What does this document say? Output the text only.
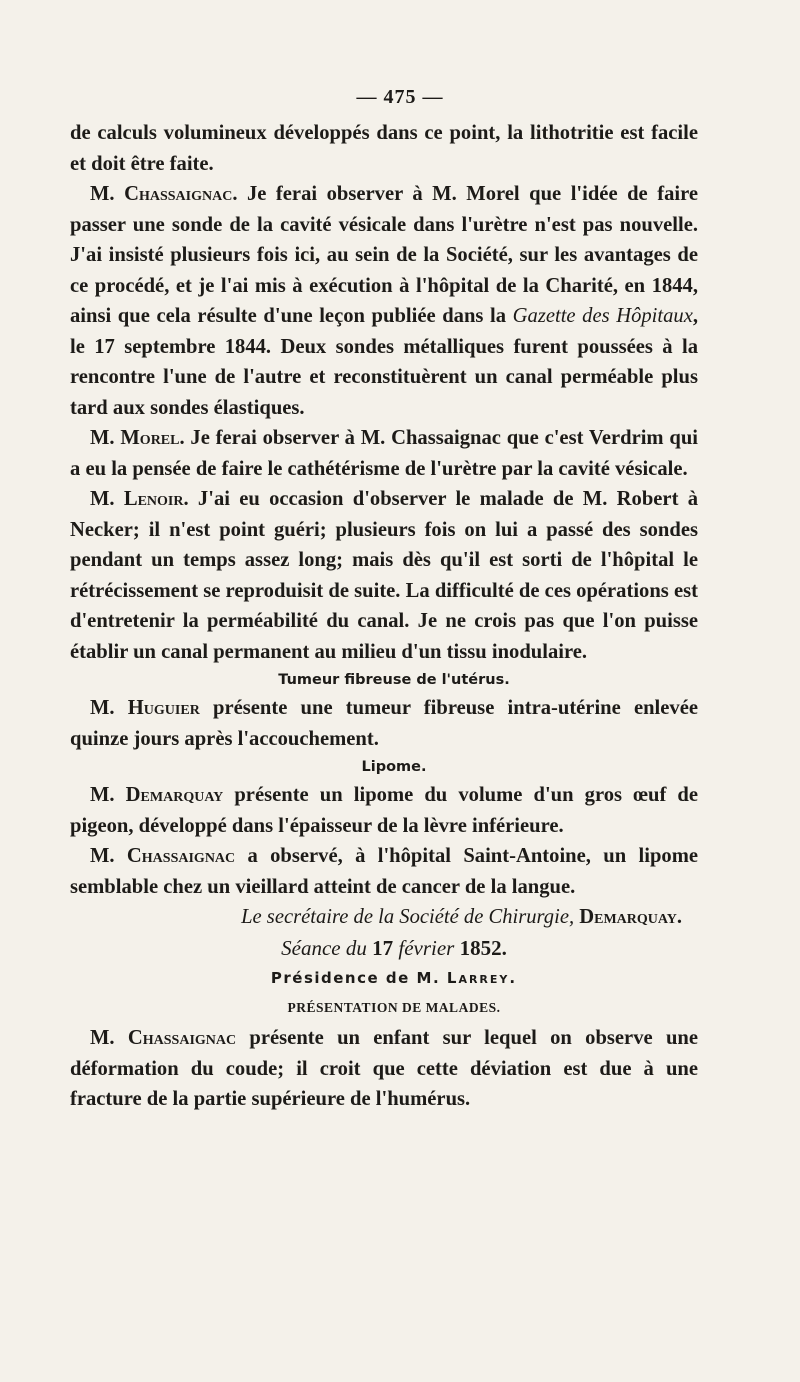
— 475 —

de calculs volumineux développés dans ce point, la lithotritie est facile et doit être faite.

M. Chassaignac. Je ferai observer à M. Morel que l'idée de faire passer une sonde de la cavité vésicale dans l'urètre n'est pas nouvelle. J'ai insisté plusieurs fois ici, au sein de la Société, sur les avantages de ce procédé, et je l'ai mis à exécution à l'hôpital de la Charité, en 1844, ainsi que cela résulte d'une leçon publiée dans la Gazette des Hôpitaux, le 17 septembre 1844. Deux sondes métalliques furent poussées à la rencontre l'une de l'autre et reconstituèrent un canal perméable plus tard aux sondes élastiques.

M. Morel. Je ferai observer à M. Chassaignac que c'est Verdrim qui a eu la pensée de faire le cathétérisme de l'urètre par la cavité vésicale.

M. Lenoir. J'ai eu occasion d'observer le malade de M. Robert à Necker; il n'est point guéri; plusieurs fois on lui a passé des sondes pendant un temps assez long; mais dès qu'il est sorti de l'hôpital le rétrécissement se reproduisit de suite. La difficulté de ces opérations est d'entretenir la perméabilité du canal. Je ne crois pas que l'on puisse établir un canal permanent au milieu d'un tissu inodulaire.

Tumeur fibreuse de l'utérus.

M. Huguier présente une tumeur fibreuse intra-utérine enlevée quinze jours après l'accouchement.

Lipome.

M. Demarquay présente un lipome du volume d'un gros œuf de pigeon, développé dans l'épaisseur de la lèvre inférieure.

M. Chassaignac a observé, à l'hôpital Saint-Antoine, un lipome semblable chez un vieillard atteint de cancer de la langue.

Le secrétaire de la Société de Chirurgie, Demarquay.

Séance du 17 février 1852.

Présidence de M. Larrey.

PRÉSENTATION DE MALADES.

M. Chassaignac présente un enfant sur lequel on observe une déformation du coude; il croit que cette déviation est due à une fracture de la partie supérieure de l'humérus.
